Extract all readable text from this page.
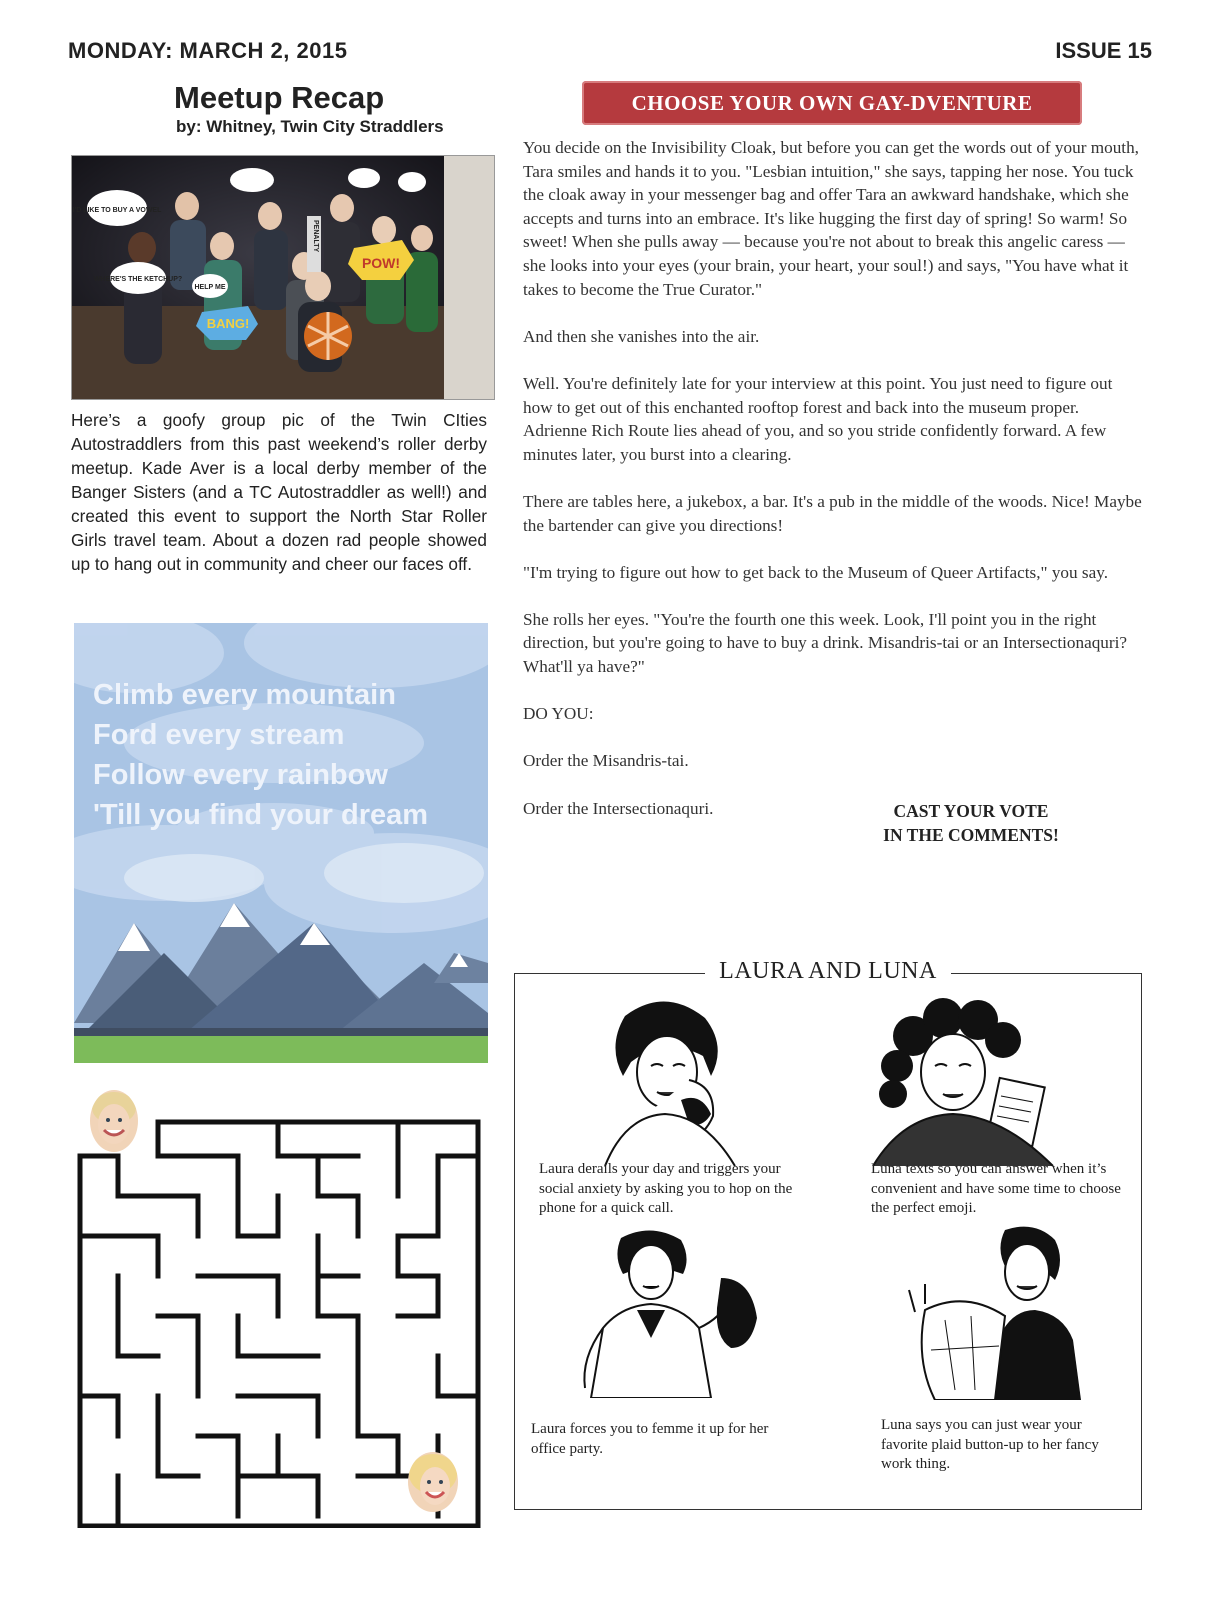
MONDAY: MARCH 2, 2015	ISSUE 15
Meetup Recap
by: Whitney, Twin City Straddlers
I'D LIKE TO BUY A VOWEL
WHERE'S THE KETCHUP?
POW!
BANG!
HELP ME
PENALTY
Here’s a goofy group pic of the Twin CIties Autostraddlers from this past weekend’s roller derby meetup. Kade Aver is a local derby member of the Banger Sisters (and a TC Autostraddler as well!) and created this event to support the North Star Roller Girls travel team. About a dozen rad people showed up to hang out in community and cheer our faces off.
Climb every mountain
Ford every stream
Follow every rainbow
'Till you find your dream
CHOOSE YOUR OWN GAY-DVENTURE

You decide on the Invisibility Cloak, but before you can get the words out of your mouth, Tara smiles and hands it to you. "Lesbian intuition," she says, tapping her nose. You tuck the cloak away in your messenger bag and offer Tara an awkward handshake, which she accepts and turns into an embrace. It's like hugging the first day of spring! So warm! So sweet! When she pulls away — because you're not about to break this angelic caress — she looks into your eyes (your brain, your heart, your soul!) and says, "You have what it takes to become the True Curator."

And then she vanishes into the air.

Well. You're definitely late for your interview at this point. You just need to figure out how to get out of this enchanted rooftop forest and back into the museum proper. Adrienne Rich Route lies ahead of you, and so you stride confidently forward. A few minutes later, you burst into a clearing.

There are tables here, a jukebox, a bar. It's a pub in the middle of the woods. Nice! Maybe the bartender can give you directions!

"I'm trying to figure out how to get back to the Museum of Queer Artifacts," you say.

She rolls her eyes. "You're the fourth one this week. Look, I'll point you in the right direction, but you're going to have to buy a drink. Misandris-tai or an Intersectionaquri? What'll ya have?"

DO YOU:

Order the Misandris-tai.

Order the Intersectionaquri.	CAST YOUR VOTE
IN THE COMMENTS!
LAURA AND LUNA
Laura derails your day and triggers your social anxiety by asking you to hop on the phone for a quick call.
Luna texts so you can answer when it’s convenient and have some time to choose the perfect emoji.
Laura forces you to femme it up for her office party.
Luna says you can just wear your favorite plaid button-up to her fancy work thing.
